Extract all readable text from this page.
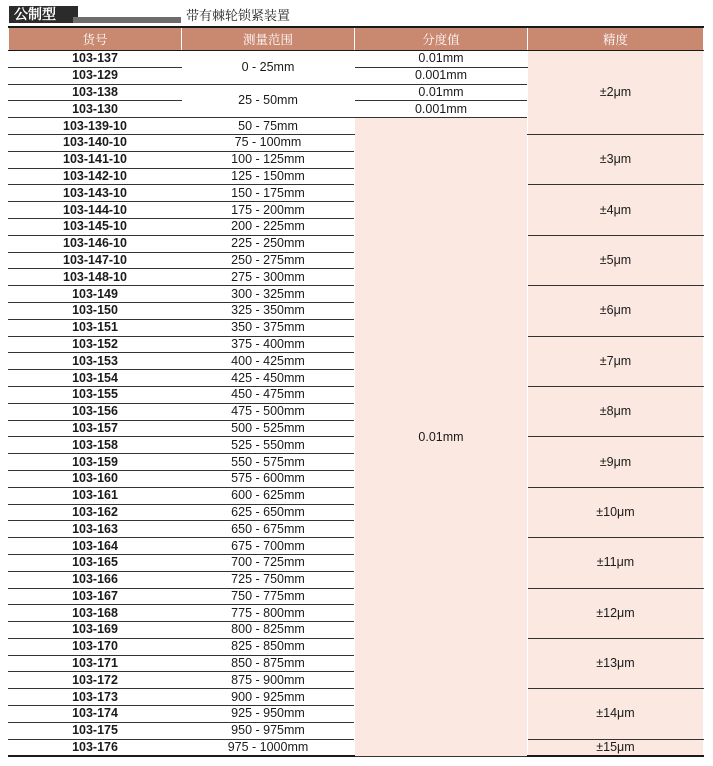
公制型	带有棘轮锁紧装置
货号	测量范围	分度值	精度
103-137	0 - 25mm	0.01mm	±2μm
103-129		0.001mm	
103-138	25 - 50mm	0.01mm	
103-130		0.001mm	
103-139-10	50 - 75mm	0.01mm	
103-140-10	75 - 100mm		±3μm
103-141-10	100 - 125mm		
103-142-10	125 - 150mm		
103-143-10	150 - 175mm		±4μm
103-144-10	175 - 200mm		
103-145-10	200 - 225mm		
103-146-10	225 - 250mm		±5μm
103-147-10	250 - 275mm		
103-148-10	275 - 300mm		
103-149	300 - 325mm		±6μm
103-150	325 - 350mm		
103-151	350 - 375mm		
103-152	375 - 400mm		±7μm
103-153	400 - 425mm		
103-154	425 - 450mm		
103-155	450 - 475mm		±8μm
103-156	475 - 500mm		
103-157	500 - 525mm		
103-158	525 - 550mm		±9μm
103-159	550 - 575mm		
103-160	575 - 600mm		
103-161	600 - 625mm		±10μm
103-162	625 - 650mm		
103-163	650 - 675mm		
103-164	675 - 700mm		±11μm
103-165	700 - 725mm		
103-166	725 - 750mm		
103-167	750 - 775mm		±12μm
103-168	775 - 800mm		
103-169	800 - 825mm		
103-170	825 - 850mm		±13μm
103-171	850 - 875mm		
103-172	875 - 900mm		
103-173	900 - 925mm		±14μm
103-174	925 - 950mm		
103-175	950 - 975mm		
103-176	975 - 1000mm		±15μm
